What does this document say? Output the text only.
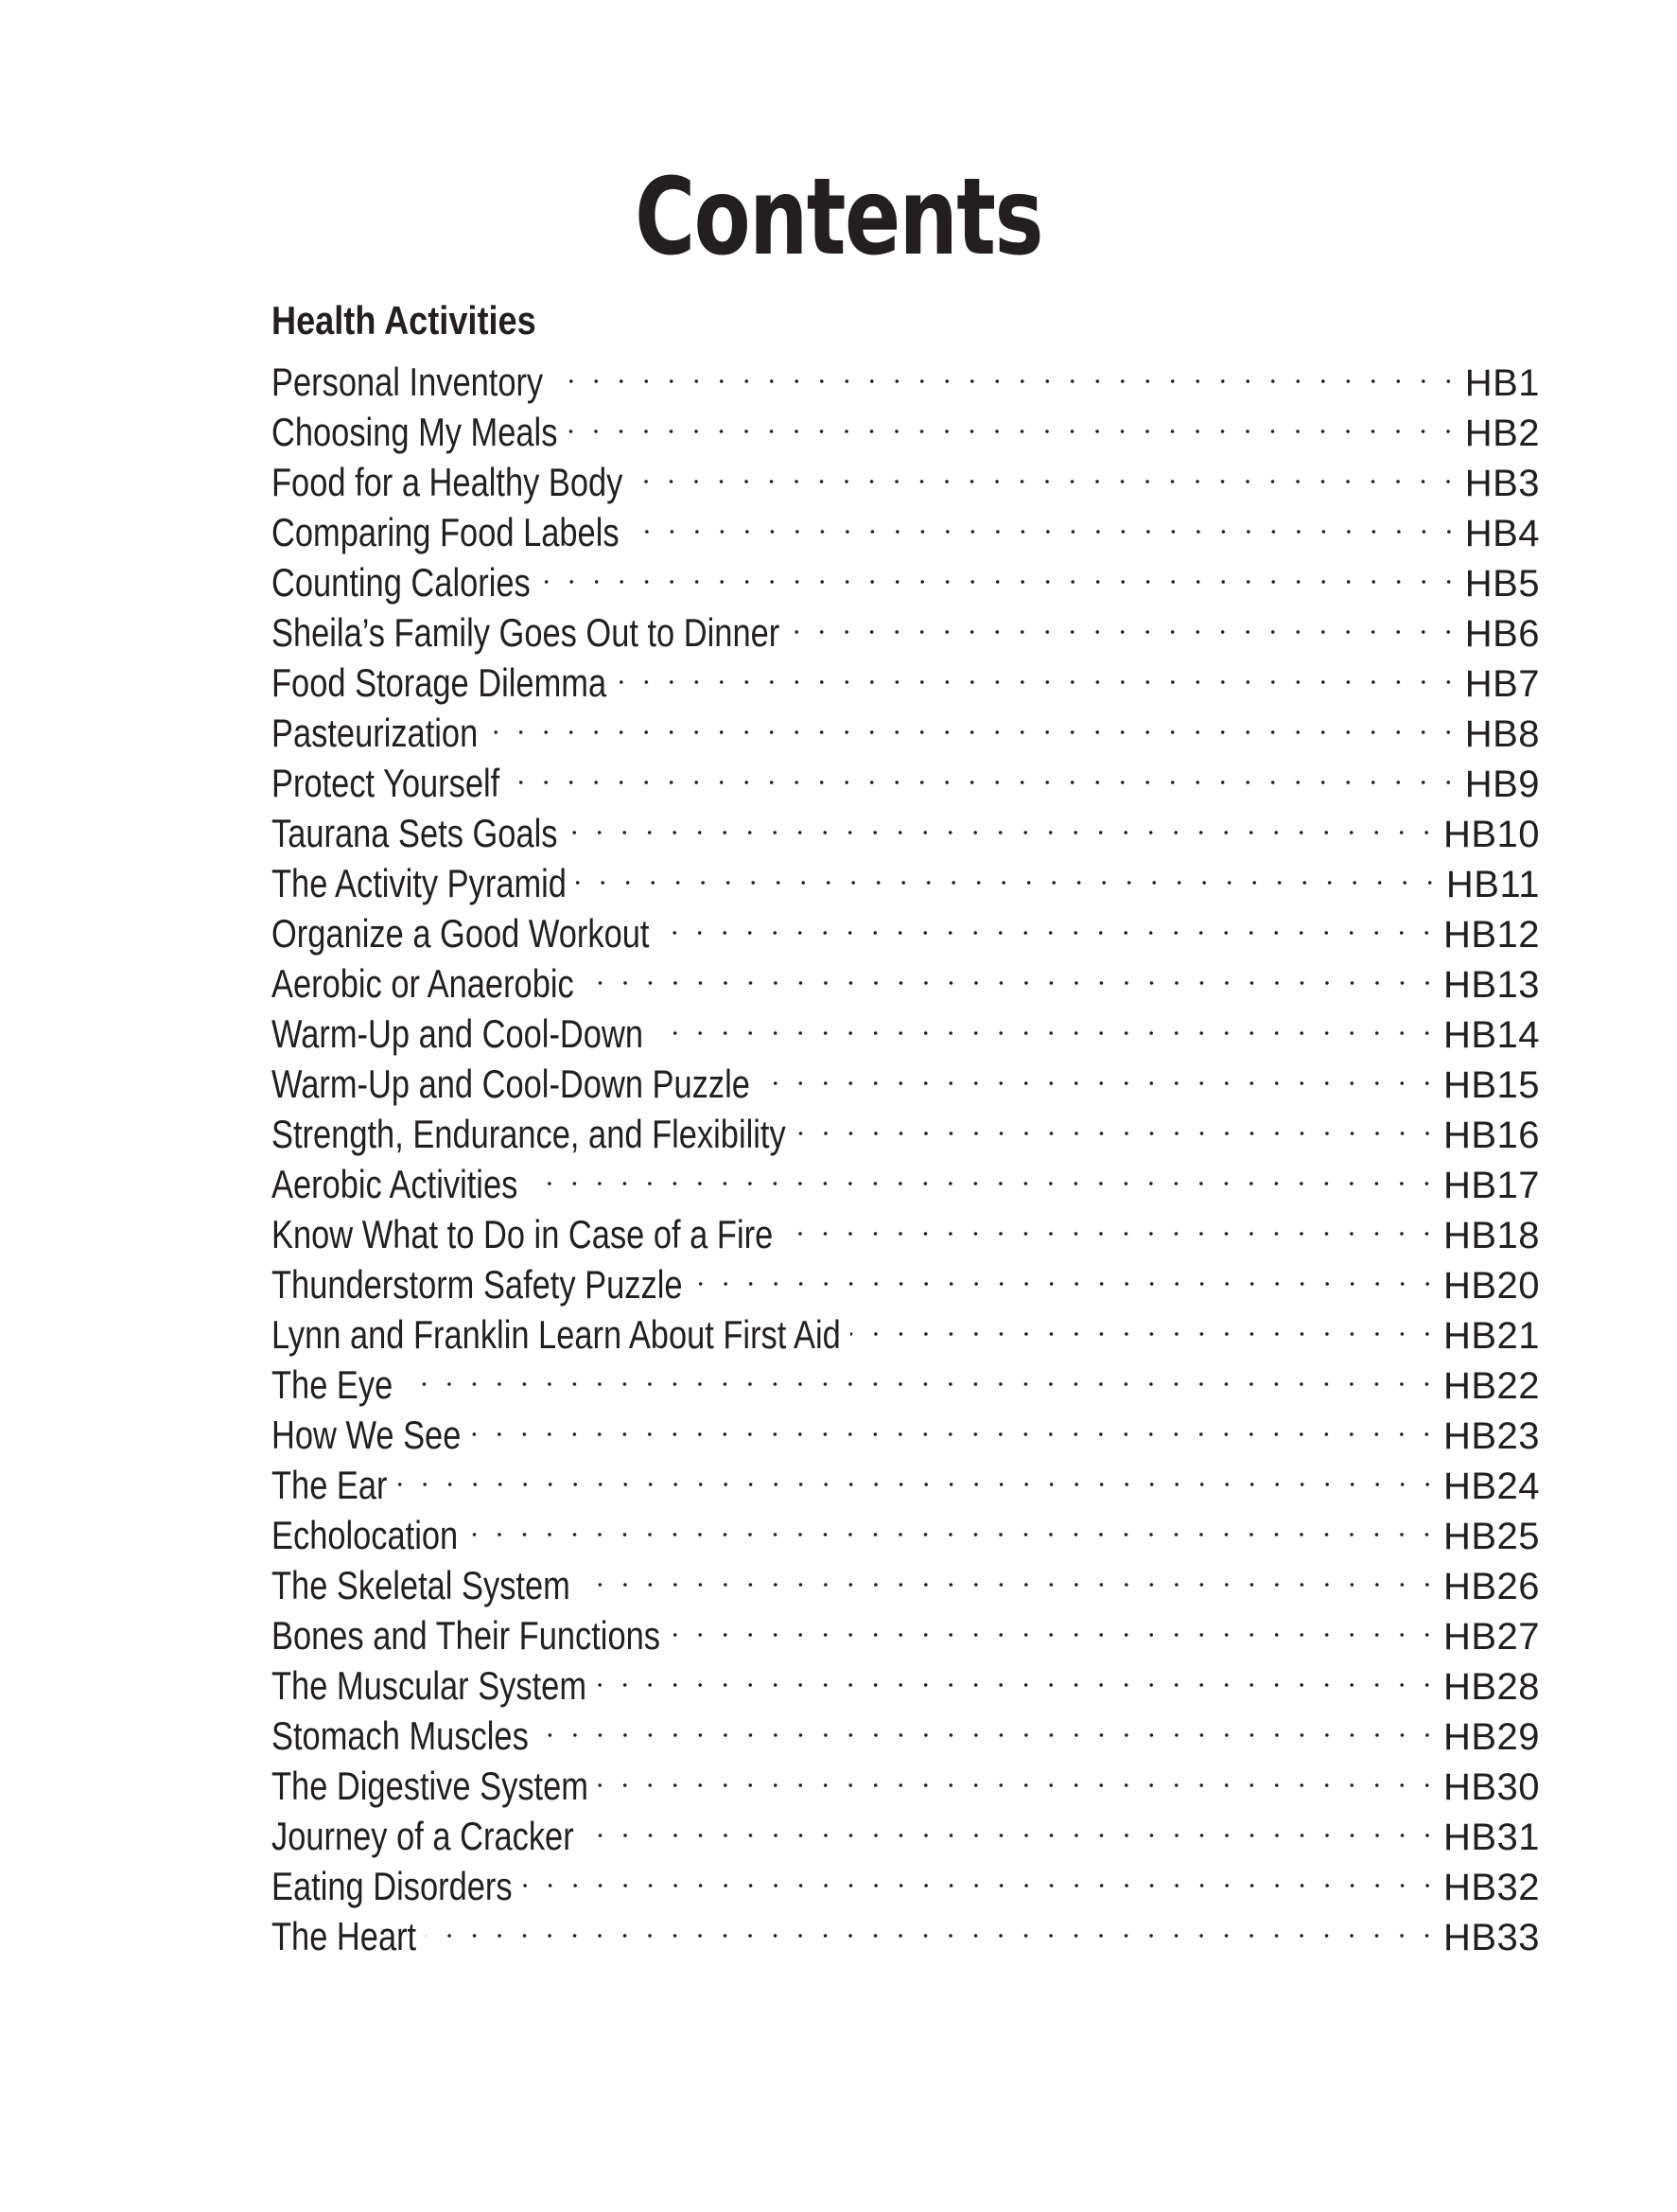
Contents
Health Activities
Personal Inventory	HB1
Choosing My Meals	HB2
Food for a Healthy Body	HB3
Comparing Food Labels	HB4
Counting Calories	HB5
Sheila’s Family Goes Out to Dinner	HB6
Food Storage Dilemma	HB7
Pasteurization	HB8
Protect Yourself	HB9
Taurana Sets Goals	HB10
The Activity Pyramid	HB11
Organize a Good Workout	HB12
Aerobic or Anaerobic	HB13
Warm-Up and Cool-Down	HB14
Warm-Up and Cool-Down Puzzle	HB15
Strength, Endurance, and Flexibility	HB16
Aerobic Activities	HB17
Know What to Do in Case of a Fire	HB18
Thunderstorm Safety Puzzle	HB20
Lynn and Franklin Learn About First Aid	HB21
The Eye	HB22
How We See	HB23
The Ear	HB24
Echolocation	HB25
The Skeletal System	HB26
Bones and Their Functions	HB27
The Muscular System	HB28
Stomach Muscles	HB29
The Digestive System	HB30
Journey of a Cracker	HB31
Eating Disorders	HB32
The Heart	HB33
